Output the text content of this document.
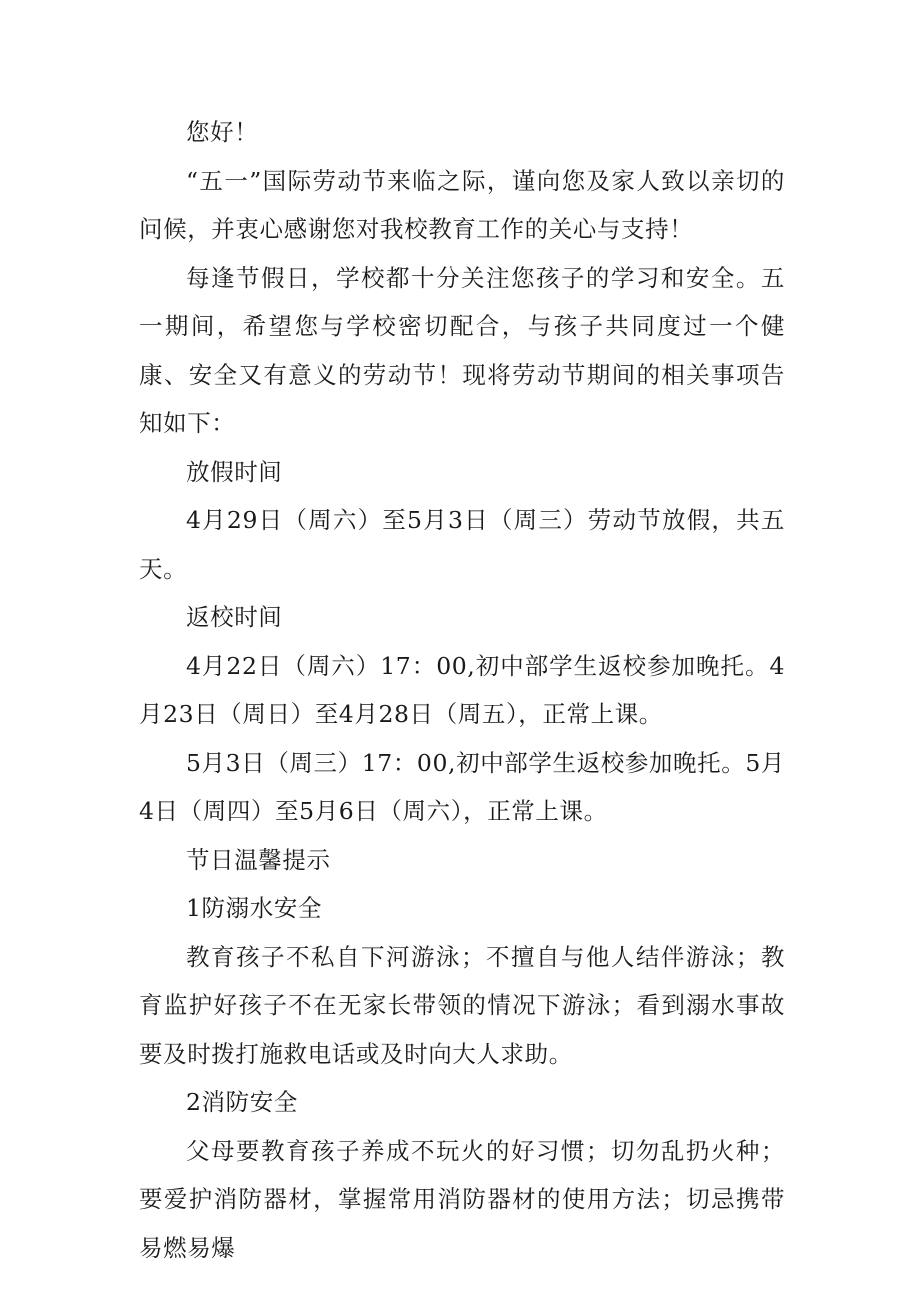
您好！

“五一”国际劳动节来临之际，谨向您及家人致以亲切的问候，并衷心感谢您对我校教育工作的关心与支持！

每逢节假日，学校都十分关注您孩子的学习和安全。五一期间，希望您与学校密切配合，与孩子共同度过一个健康、安全又有意义的劳动节！现将劳动节期间的相关事项告知如下：

放假时间

4月29日（周六）至5月3日（周三）劳动节放假，共五天。

返校时间

4月22日（周六）17：00,初中部学生返校参加晚托。4月23日（周日）至4月28日（周五），正常上课。

5月3日（周三）17：00,初中部学生返校参加晚托。5月4日（周四）至5月6日（周六），正常上课。

节日温馨提示

1防溺水安全

教育孩子不私自下河游泳；不擅自与他人结伴游泳；教育监护好孩子不在无家长带领的情况下游泳；看到溺水事故要及时拨打施救电话或及时向大人求助。

2消防安全

父母要教育孩子养成不玩火的好习惯；切勿乱扔火种；要爱护消防器材，掌握常用消防器材的使用方法；切忌携带易燃易爆
